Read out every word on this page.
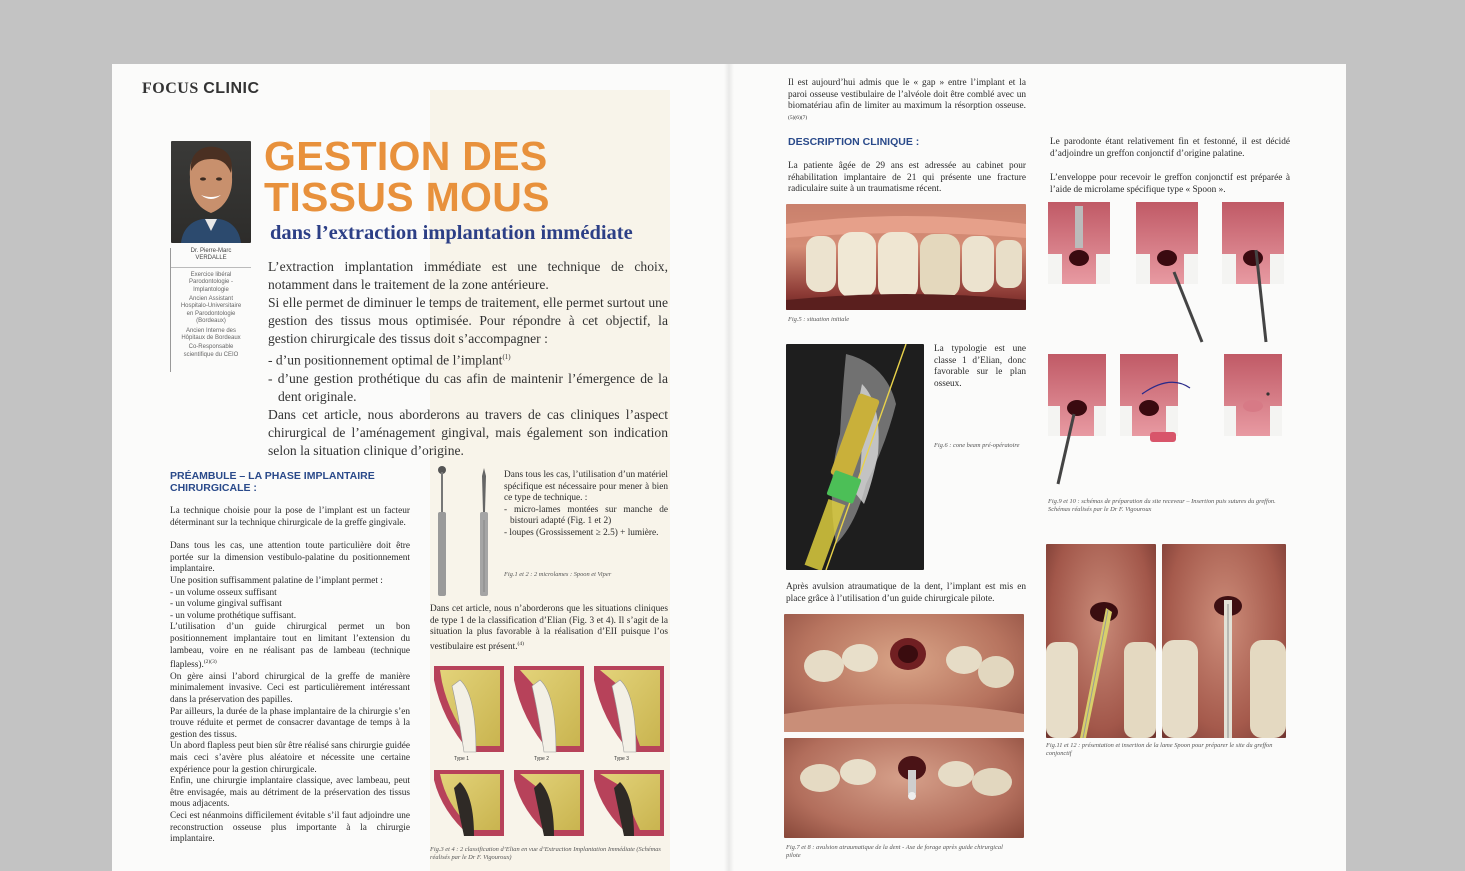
FOCUS CLINIC
Dr. Pierre-Marc
VERDALLE
Exercice libéral
Parodontologie -
Implantologie
Ancien Assistant
Hospitalo-Universitaire
en Parodontologie
(Bordeaux)
Ancien Interne des
Hôpitaux de Bordeaux
Co-Responsable
scientifique du CEIO
GESTION DES
TISSUS MOUS
dans l’extraction implantation immédiate
L’extraction implantation immédiate est une technique de choix, notamment dans le traitement de la zone antérieure.
Si elle permet de diminuer le temps de traitement, elle permet surtout une gestion des tissus mous optimisée. Pour répondre à cet objectif, la gestion chirurgicale des tissus doit s’accompagner :
- d’un positionnement optimal de l’implant$^{(1)}$
- d’une gestion prothétique du cas afin de maintenir l’émergence de la dent originale.
Dans cet article, nous aborderons au travers de cas cliniques l’aspect chirurgical de l’aménagement gingival, mais également son indication selon la situation clinique d’origine.

PRÉAMBULE – LA PHASE IMPLANTAIRE CHIRURGICALE :

La technique choisie pour la pose de l’implant est un facteur déterminant sur la technique chirurgicale de la greffe gingivale.

Dans tous les cas, une attention toute particulière doit être portée sur la dimension vestibulo-palatine du positionnement implantaire.

Une position suffisamment palatine de l’implant permet :

- un volume osseux suffisant

- un volume gingival suffisant

- un volume prothétique suffisant.

L’utilisation d’un guide chirurgical permet un bon positionnement implantaire tout en limitant l’extension du lambeau, voire en ne réalisant pas de lambeau (technique flapless).$^{(2)(3)}$

On gère ainsi l’abord chirurgical de la greffe de manière minimalement invasive. Ceci est particulièrement intéressant dans la préservation des papilles.

Par ailleurs, la durée de la phase implantaire de la chirurgie s’en trouve réduite et permet de consacrer davantage de temps à la gestion des tissus.

Un abord flapless peut bien sûr être réalisé sans chirurgie guidée mais ceci s’avère plus aléatoire et nécessite une certaine expérience pour la gestion chirurgicale.

Enfin, une chirurgie implantaire classique, avec lambeau, peut être envisagée, mais au détriment de la préservation des tissus mous adjacents.

Ceci est néanmoins difficilement évitable s’il faut adjoindre une reconstruction osseuse plus importante à la chirurgie implantaire.

Dans tous les cas, l’utilisation d’un matériel spécifique est nécessaire pour mener à bien ce type de technique. :

- micro-lames montées sur manche de bistouri adapté (Fig. 1 et 2)

- loupes (Grossissement ≥ 2.5) + lumière.

Fig.1 et 2 : 2 microlames : Spoon et Viper

Dans cet article, nous n’aborderons que les situations cliniques de type 1 de la classification d’Elian (Fig. 3 et 4). Il s’agit de la situation la plus favorable à la réalisation d’EII puisque l’os vestibulaire est présent.$^{(4)}$

Type 1	Type 2	Type 3

Fig.3 et 4 : 2 classification d’Elian en vue d’Extraction Implantation Immédiate (Schémas réalisés par le Dr F. Vigouroux)

Il est aujourd’hui admis que le « gap » entre l’implant et la paroi osseuse vestibulaire de l’alvéole doit être comblé avec un biomatériau afin de limiter au maximum la résorption osseuse.$^{(5)(6)(7)}$

DESCRIPTION CLINIQUE :

La patiente âgée de 29 ans est adressée au cabinet pour réhabilitation implantaire de 21 qui présente une fracture radiculaire suite à un traumatisme récent.

Fig.5 : situation initiale

La typologie est une classe 1 d’Elian, donc favorable sur le plan osseux.

Fig.6 : cone beam pré-opératoire

Après avulsion atraumatique de la dent, l’implant est mis en place grâce à l’utilisation d’un guide chirurgicale pilote.

Fig.7 et 8 : avulsion atraumatique de la dent - Axe de forage après guide chirurgical pilote

Le parodonte étant relativement fin et festonné, il est décidé d’adjoindre un greffon conjonctif d’origine palatine.

L’enveloppe pour recevoir le greffon conjonctif est préparée à l’aide de microlame spécifique type « Spoon ».

Fig.9 et 10 : schémas de préparation du site receveur – Insertion puis sutures du greffon. Schémas réalisés par le Dr F. Vigouroux

Fig.11 et 12 : présentation et insertion de la lame Spoon pour préparer le site du greffon conjonctif
